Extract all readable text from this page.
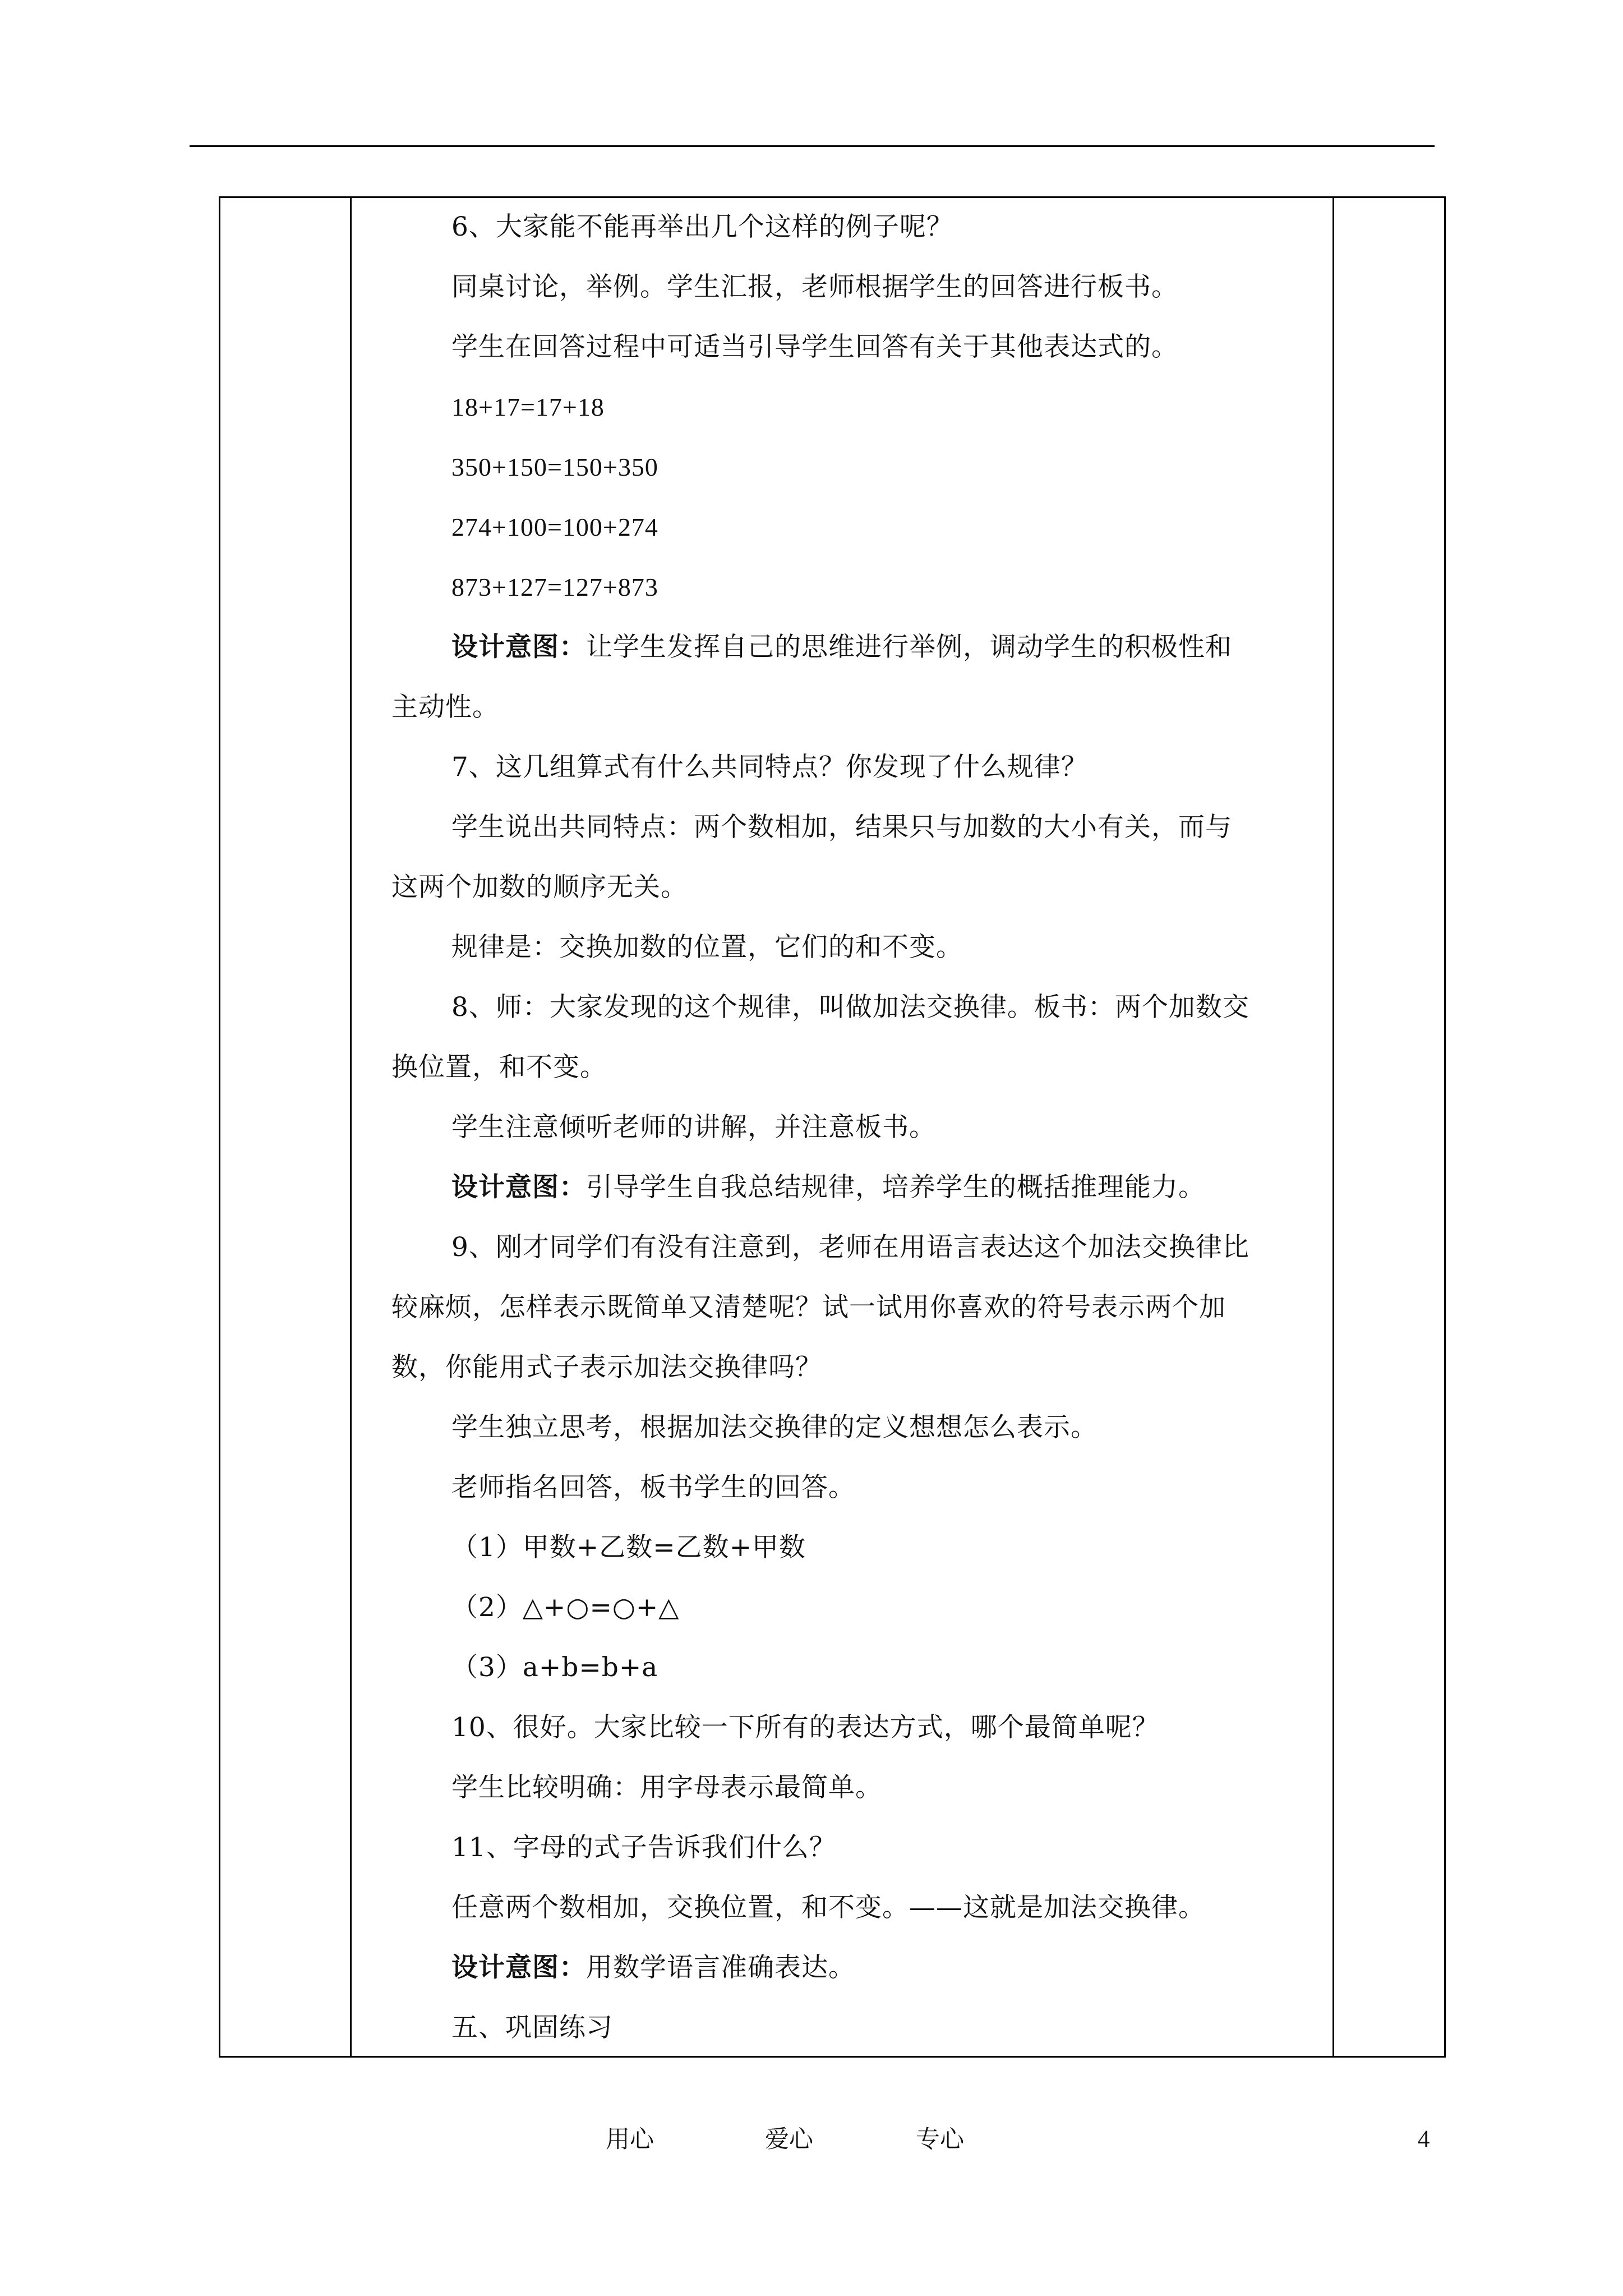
6、大家能不能再举出几个这样的例子呢？
同桌讨论，举例。学生汇报，老师根据学生的回答进行板书。
学生在回答过程中可适当引导学生回答有关于其他表达式的。
18+17=17+18
350+150=150+350
274+100=100+274
873+127=127+873
设计意图：让学生发挥自己的思维进行举例，调动学生的积极性和
主动性。
7、这几组算式有什么共同特点？你发现了什么规律？
学生说出共同特点：两个数相加，结果只与加数的大小有关，而与
这两个加数的顺序无关。
规律是：交换加数的位置，它们的和不变。
8、师：大家发现的这个规律，叫做加法交换律。板书：两个加数交
换位置，和不变。
学生注意倾听老师的讲解，并注意板书。
设计意图：引导学生自我总结规律，培养学生的概括推理能力。
9、刚才同学们有没有注意到，老师在用语言表达这个加法交换律比
较麻烦，怎样表示既简单又清楚呢？试一试用你喜欢的符号表示两个加
数，你能用式子表示加法交换律吗？
学生独立思考，根据加法交换律的定义想想怎么表示。
老师指名回答，板书学生的回答。
（1）甲数+乙数=乙数+甲数
（2）△+○=○+△
（3）a+b=b+a
10、很好。大家比较一下所有的表达方式，哪个最简单呢？
学生比较明确：用字母表示最简单。
11、字母的式子告诉我们什么？
任意两个数相加，交换位置，和不变。——这就是加法交换律。
设计意图：用数学语言准确表达。
五、巩固练习
用心	爱心	专心	4
